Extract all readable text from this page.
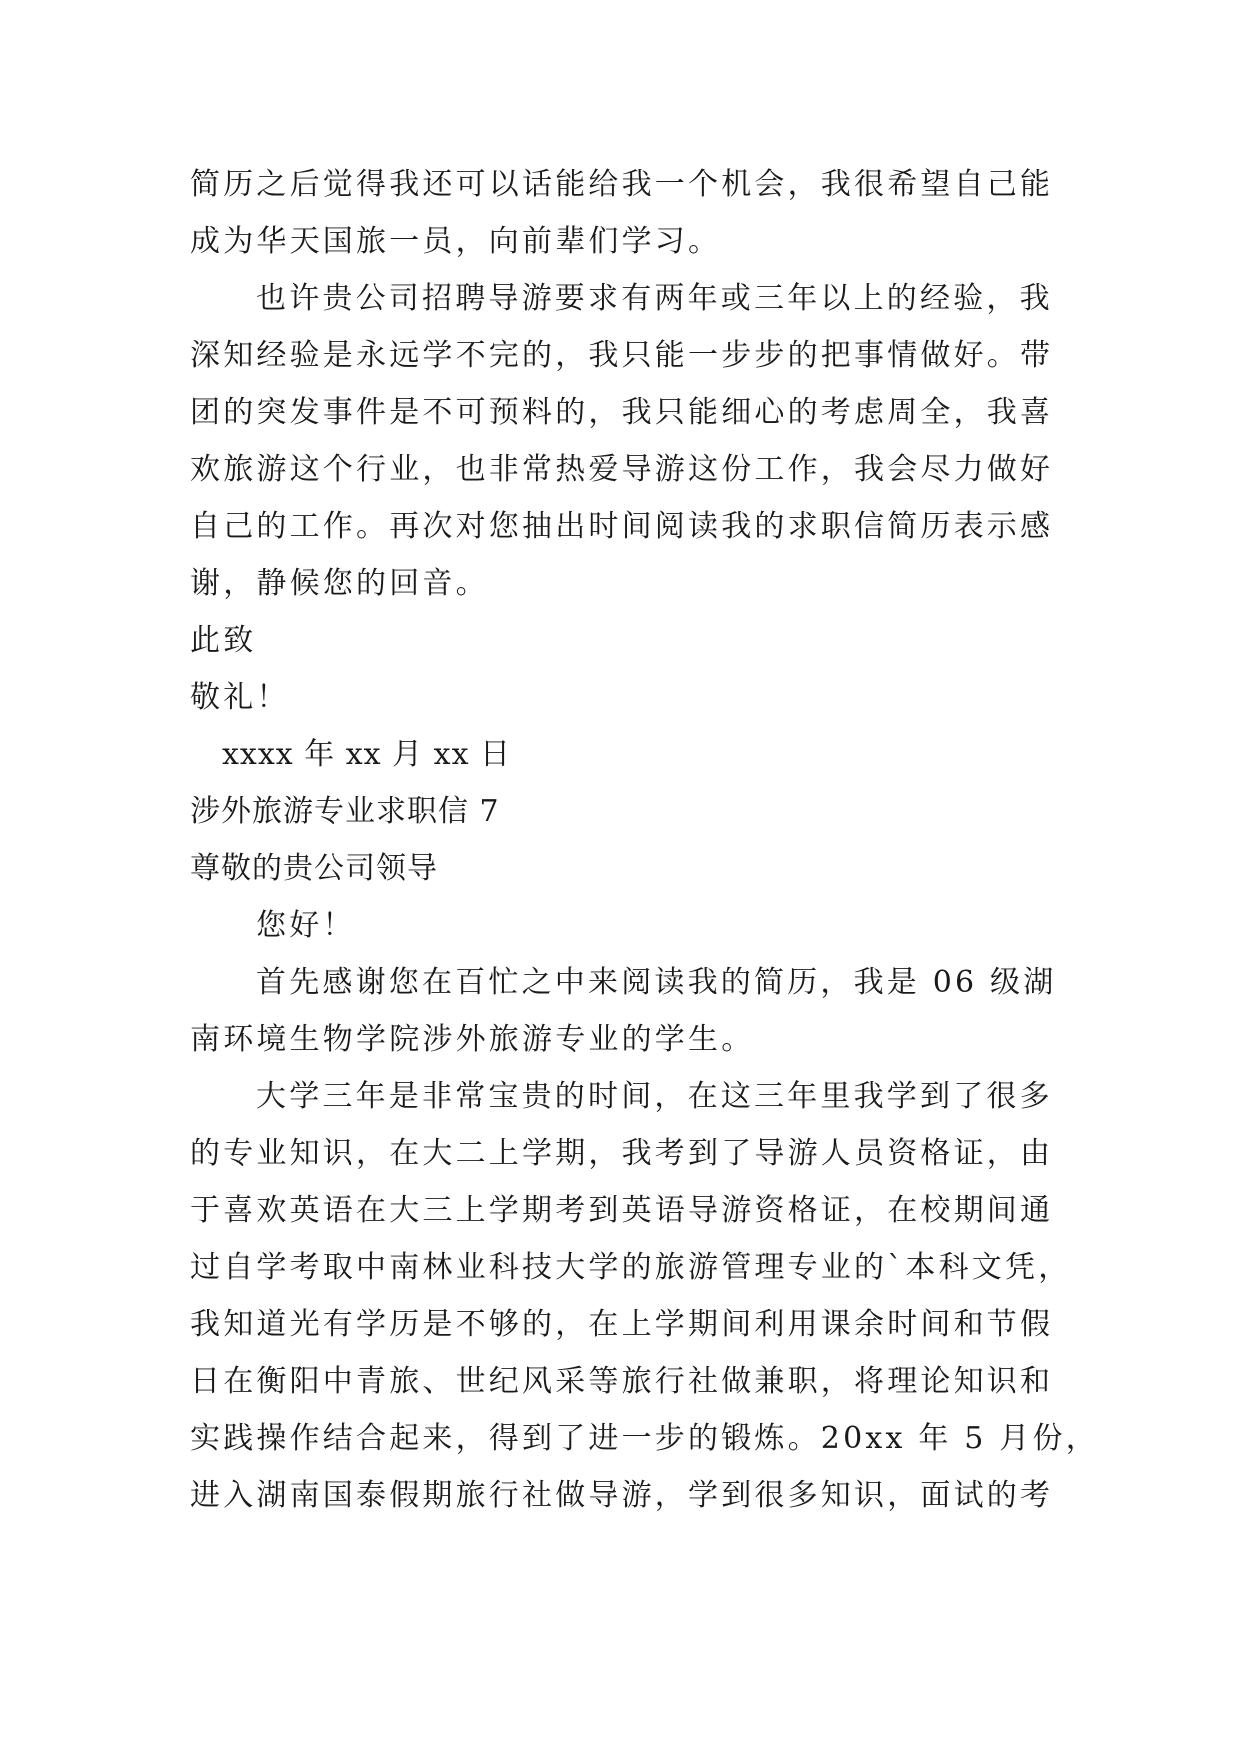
简历之后觉得我还可以话能给我一个机会，我很希望自己能
成为华天国旅一员，向前辈们学习。
也许贵公司招聘导游要求有两年或三年以上的经验，我
深知经验是永远学不完的，我只能一步步的把事情做好。带
团的突发事件是不可预料的，我只能细心的考虑周全，我喜
欢旅游这个行业，也非常热爱导游这份工作，我会尽力做好
自己的工作。再次对您抽出时间阅读我的求职信简历表示感
谢，静候您的回音。
此致
敬礼！
xxxx 年 xx 月 xx 日
涉外旅游专业求职信 7
尊敬的贵公司领导
您好！
首先感谢您在百忙之中来阅读我的简历，我是 06 级湖
南环境生物学院涉外旅游专业的学生。
大学三年是非常宝贵的时间，在这三年里我学到了很多
的专业知识，在大二上学期，我考到了导游人员资格证，由
于喜欢英语在大三上学期考到英语导游资格证，在校期间通
过自学考取中南林业科技大学的旅游管理专业的`本科文凭，
我知道光有学历是不够的，在上学期间利用课余时间和节假
日在衡阳中青旅、世纪风采等旅行社做兼职，将理论知识和
实践操作结合起来，得到了进一步的锻炼。20xx 年 5 月份，
进入湖南国泰假期旅行社做导游，学到很多知识，面试的考
